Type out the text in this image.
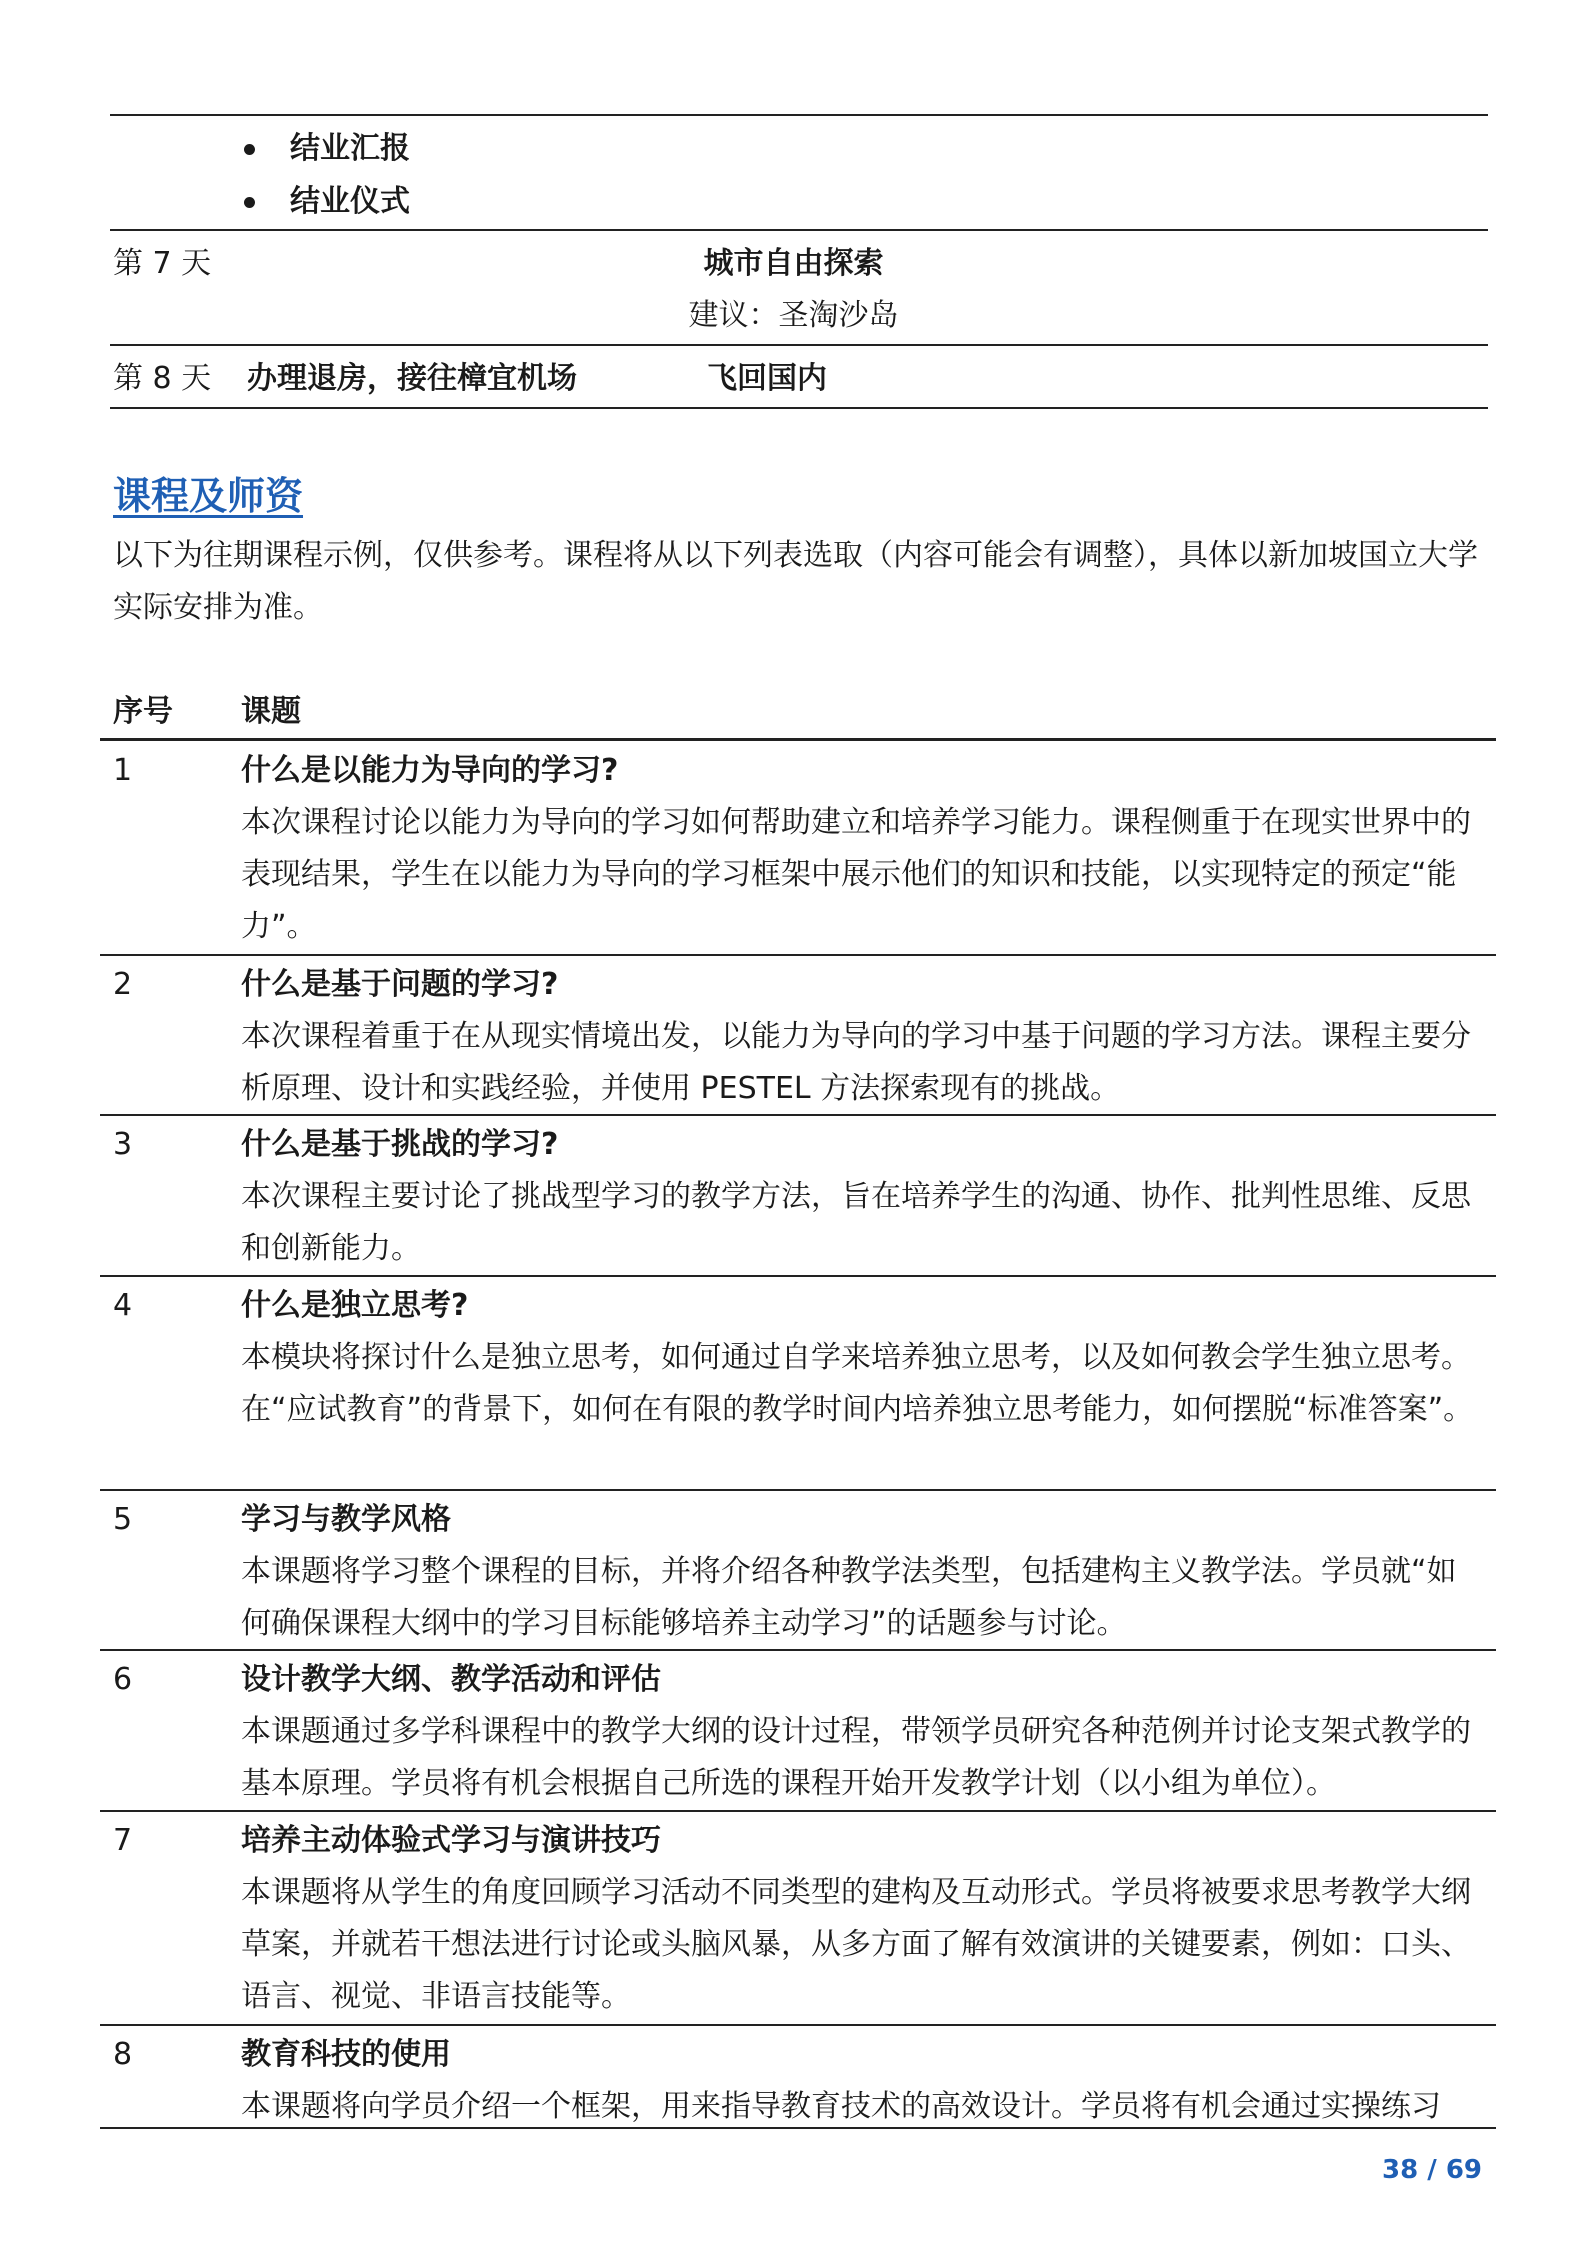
结业汇报
结业仪式
第 7 天	城市自由探索
建议：圣淘沙岛
第 8 天 办理退房，接往樟宜机场	飞回国内
课程及师资

以下为往期课程示例，仅供参考。课程将从以下列表选取（内容可能会有调整），具体以新加坡国立大学实际安排为准。

序号 课题
1	什么是以能力为导向的学习?

本次课程讨论以能力为导向的学习如何帮助建立和培养学习能力。课程侧重于在现实世界中的表现结果，学生在以能力为导向的学习框架中展示他们的知识和技能，以实现特定的预定“能力”。

2	什么是基于问题的学习?

本次课程着重于在从现实情境出发，以能力为导向的学习中基于问题的学习方法。课程主要分析原理、设计和实践经验，并使用 PESTEL 方法探索现有的挑战。

3	什么是基于挑战的学习?

本次课程主要讨论了挑战型学习的教学方法，旨在培养学生的沟通、协作、批判性思维、反思和创新能力。

4	什么是独立思考?

本模块将探讨什么是独立思考，如何通过自学来培养独立思考，以及如何教会学生独立思考。在“应试教育”的背景下，如何在有限的教学时间内培养独立思考能力，如何摆脱“标准答案”。

5	学习与教学风格

本课题将学习整个课程的目标，并将介绍各种教学法类型，包括建构主义教学法。学员就“如何确保课程大纲中的学习目标能够培养主动学习”的话题参与讨论。

6	设计教学大纲、教学活动和评估

本课题通过多学科课程中的教学大纲的设计过程，带领学员研究各种范例并讨论支架式教学的基本原理。学员将有机会根据自己所选的课程开始开发教学计划（以小组为单位）。

7	培养主动体验式学习与演讲技巧

本课题将从学生的角度回顾学习活动不同类型的建构及互动形式。学员将被要求思考教学大纲草案，并就若干想法进行讨论或头脑风暴，从多方面了解有效演讲的关键要素，例如：口头、语言、视觉、非语言技能等。

8	教育科技的使用

本课题将向学员介绍一个框架，用来指导教育技术的高效设计。学员将有机会通过实操练习

38 / 69
